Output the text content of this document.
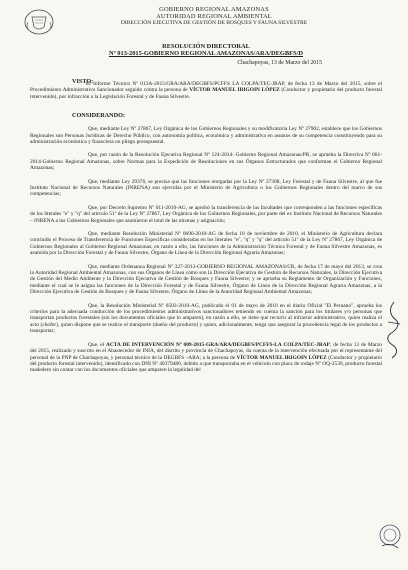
GOBIERNO REGIONAL AMAZONAS
AUTORIDAD REGIONAL AMBIENTAL
DIRECCIÓN EJECUTIVA DE GESTIÓN DE BOSQUES Y FAUNA SILVESTRE
RESOLUCIÓN DIRECTORAL
Nº 013-2015-GOBIERNO REGIONAL AMAZONAS/ARA/DEGBFS/D
Chachapoyas, 13 de Marzo del 2015
VISTO:
El Informe Técnico Nº 013A-2015/GRA/ARA/DEGBFS/PCFFS LA COLPA/TEC-JRAP, de fecha 13 de Marzo del 2015, sobre el Procedimiento Administrativo Sancionador seguido contra la persona de VÍCTOR MANUEL IRIGOIN LÓPEZ (Conductor y propietario del producto forestal intervenido), por infracción a la Legislación Forestal y de Fauna Silvestre.
CONSIDERANDO:
Que, mediante Ley Nº 27867, Ley Orgánica de los Gobiernos Regionales y su modificatoria Ley Nº 27902, establece que los Gobiernos Regionales son Personas Jurídicas de Derecho Público, con autonomía política, económica y administrativa en asuntos de su competencia constituyendo para su administración económica y financiera un pliego presupuestal.
Que, por razón de la Resolución Ejecutiva Regional Nº 124-2014- Gobierno Regional Amazonas/PR, se aprueba la Directiva Nº 001-2014-Gobierno Regional Amazonas, sobre Normas para la Expedición de Resoluciones en sus Órganos Estructurados que conforman el Gobierno Regional Amazonas;
Que, mediante Ley 29376, se precisa que las funciones otorgadas por la Ley Nº 27308, Ley Forestal y de Fauna Silvestre, al que fue Instituto Nacional de Recursos Naturales (INRENA) son ejercidas por el Ministerio de Agricultura o los Gobiernos Regionales dentro del marco de sus competencias;
Que, por Decreto Supremo Nº 011-2010-AG, se aprobó la transferencia de las facultades que corresponden a las funciones específicas de los literales "e" y "q" del artículo 51º de la Ley Nº 27867, Ley Orgánica de los Gobiernos Regionales, por parte del ex Instituto Nacional de Recursos Naturales – INRENA a los Gobiernos Regionales que asumieron el total de las mismas y asignación;
Que, mediante Resolución Ministerial Nº 0696-2010-AG de fecha 10 de noviembre de 2010, el Ministerio de Agricultura declara concluido el Proceso de Transferencia de Funciones Específicas consideradas en los literales "e", "q" y "q" del artículo 51º de la Ley Nº 27867, Ley Orgánica de Gobiernos Regionales al Gobierno Regional Amazonas; en razón a ello, las funciones de la Administración Técnica Forestal y de Fauna Silvestre Amazonas, es asumida por la Dirección Forestal y de Fauna Silvestre, Órgano de Línea de la Dirección Regional Agraria Amazonas;
Que, mediante Ordenanza Regional Nº 327-2013-GOBIERNO REGIONAL AMAZONAS/CR, de fecha 17 de mayo del 2013, se crea la Autoridad Regional Ambiental Amazonas, con sus Órganos de Línea como son la Dirección Ejecutiva de Gestión de Recursos Naturales, la Dirección Ejecutiva de Gestión del Medio Ambiente y la Dirección Ejecutiva de Gestión de Bosques y Fauna Silvestre; y se aprueba su Reglamento de Organización y Funciones, mediante el cual se le asigna las funciones de la Dirección Forestal y de Fauna Silvestre, Órgano de Línea de la Dirección Regional Agraria Amazonas, a la Dirección Ejecutiva de Gestión de Bosques y de Fauna Silvestre, Órgano de Línea de la Autoridad Regional Ambiental Amazonas;
Que, la Resolución Ministerial Nº 0503-2010-AG, publicado el 01 de mayo de 2010 en el diario Oficial "El Peruano", aprueba los criterios para la adecuada conducción de los procedimientos administrativos sancionadores teniendo en cuenta la sanción para los titulares y/o personas que transportan productos forestales (sin los documentos oficiales que lo amparen), en razón a ello, se tiene que recurrir al infractor administrativo, quien realiza el acto (chofer), quien dispone que se realice el transporte (dueño del producto) y quien, adicionalmente, tenga que asegurar la procedencia legal de los productos a transportar;
Que, el ACTA DE INTERVENCIÓN Nº 009-2015-GRA/ARA/DEGBFS/PCFFS-LA COLPA/TEC-JRAP, de fecha 13 de Marzo del 2015, realizado y suscrito en el Abastecedor de INIA, del distrito y provincia de Chachapoyas, da cuenta de la intervención efectuada por el representante del personal de la PNP de Chachapoyas, y personal técnico de la DEGBFS –ARA; a la persona de VÍCTOR MANUEL IRIGOIN LÓPEZ (Conductor y propietario del producto forestal intervenido), identificado con DNI Nº 40379480, debido a que transportaba en el vehículo con placa de rodaje Nº OQ-2539, producto forestal madedero sin contar con los documentos oficiales que amparen la legalidad del
